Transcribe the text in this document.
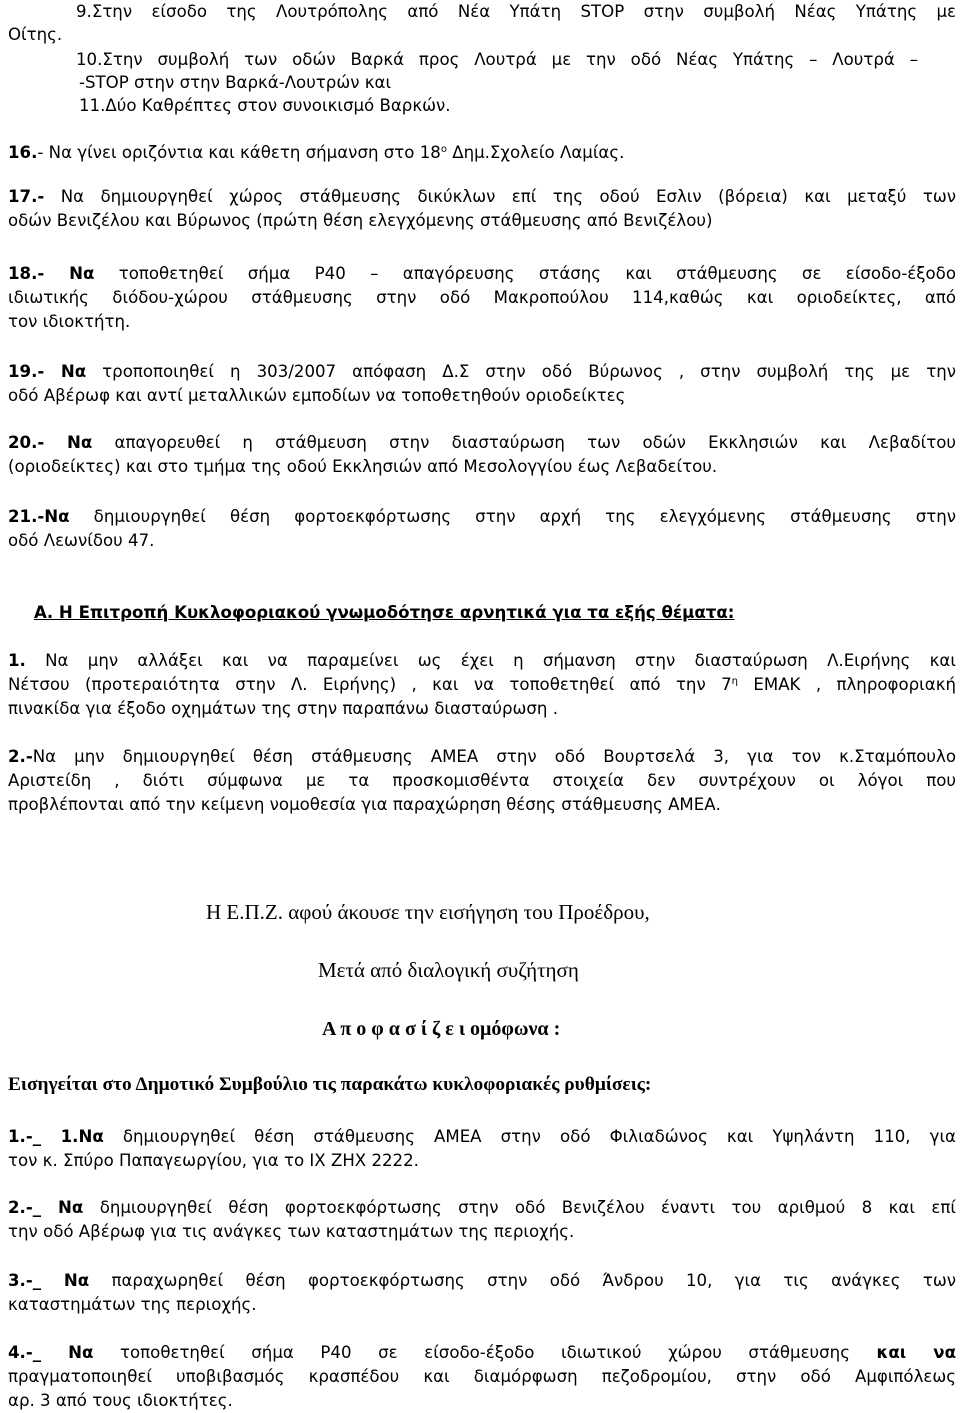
9.Στην είσοδο της Λουτρόπολης από Νέα Υπάτη STOP στην συμβολή Νέας Υπάτης με
Οίτης.
10.Στην συμβολή των οδών Βαρκά προς Λουτρά με την οδό Νέας Υπάτης – Λουτρά –
-STOP στην στην Βαρκά-Λουτρών και
11.Δύο Καθρέπτες στον συνοικισμό Βαρκών.
16.- Να γίνει οριζόντια και κάθετη σήμανση στο $18^o$ Δημ.Σχολείο Λαμίας.
17.- Να δημιουργηθεί χώρος στάθμευσης δικύκλων επί της οδού Εσλιν (βόρεια) και μεταξύ των
οδών Βενιζέλου και Βύρωνος (πρώτη θέση ελεγχόμενης στάθμευσης από Βενιζέλου)
18.- Να τοποθετηθεί σήμα Ρ40 – απαγόρευσης στάσης και στάθμευσης σε είσοδο-έξοδο
ιδιωτικής διόδου-χώρου στάθμευσης στην οδό Μακροπούλου 114,καθώς και οριοδείκτες, από
τον ιδιοκτήτη.
19.- Να τροποποιηθεί η 303/2007 απόφαση Δ.Σ στην οδό Βύρωνος , στην συμβολή της με την
οδό Αβέρωφ και αντί μεταλλικών εμποδίων να τοποθετηθούν οριοδείκτες
20.- Να απαγορευθεί η στάθμευση στην διασταύρωση των οδών Εκκλησιών και Λεβαδίτου
(οριοδείκτες) και στο τμήμα της οδού Εκκλησιών από Μεσολογγίου έως Λεβαδείτου.
21.-Να δημιουργηθεί θέση φορτοεκφόρτωσης στην αρχή της ελεγχόμενης στάθμευσης στην
οδό Λεωνίδου 47.
Α. Η Επιτροπή Κυκλοφοριακού γνωμοδότησε αρνητικά για τα εξής θέματα:
1. Να μην αλλάξει και να παραμείνει ως έχει η σήμανση στην διασταύρωση Λ.Ειρήνης και
Νέτσου (προτεραιότητα στην Λ. Ειρήνης) , και να τοποθετηθεί από την $7^\eta$ ΕΜΑΚ , πληροφοριακή
πινακίδα για έξοδο οχημάτων της στην παραπάνω διασταύρωση .
2.-Να μην δημιουργηθεί θέση στάθμευσης ΑΜΕΑ στην οδό Βουρτσελά 3, για τον κ.Σταμόπουλο
Αριστείδη , διότι σύμφωνα με τα προσκομισθέντα στοιχεία δεν συντρέχουν οι λόγοι που
προβλέπονται από την κείμενη νομοθεσία για παραχώρηση θέσης στάθμευσης ΑΜΕΑ.
Η Ε.Π.Ζ. αφού άκουσε την εισήγηση του Προέδρου,
Μετά από διαλογική συζήτηση
Α π ο φ α σ ί ζ ε ι ομόφωνα :
Εισηγείται στο Δημοτικό Συμβούλιο τις παρακάτω κυκλοφοριακές ρυθμίσεις:
1.-_ 1.Να δημιουργηθεί θέση στάθμευσης ΑΜΕΑ στην οδό Φιλιαδώνος και Υψηλάντη 110, για
τον κ. Σπύρο Παπαγεωργίου, για το ΙΧ ΖΗΧ 2222.
2.-_ Να δημιουργηθεί θέση φορτοεκφόρτωσης στην οδό Βενιζέλου έναντι του αριθμού 8 και επί
την οδό Αβέρωφ για τις ανάγκες των καταστημάτων της περιοχής.
3.-_ Να παραχωρηθεί θέση φορτοεκφόρτωσης στην οδό Άνδρου 10, για τις ανάγκες των
καταστημάτων της περιοχής.
4.-_ Να τοποθετηθεί σήμα Ρ40 σε είσοδο-έξοδο ιδιωτικού χώρου στάθμευσης και να
πραγματοποιηθεί υποβιβασμός κρασπέδου και διαμόρφωση πεζοδρομίου, στην οδό Αμφιπόλεως
αρ. 3 από τους ιδιοκτήτες.
